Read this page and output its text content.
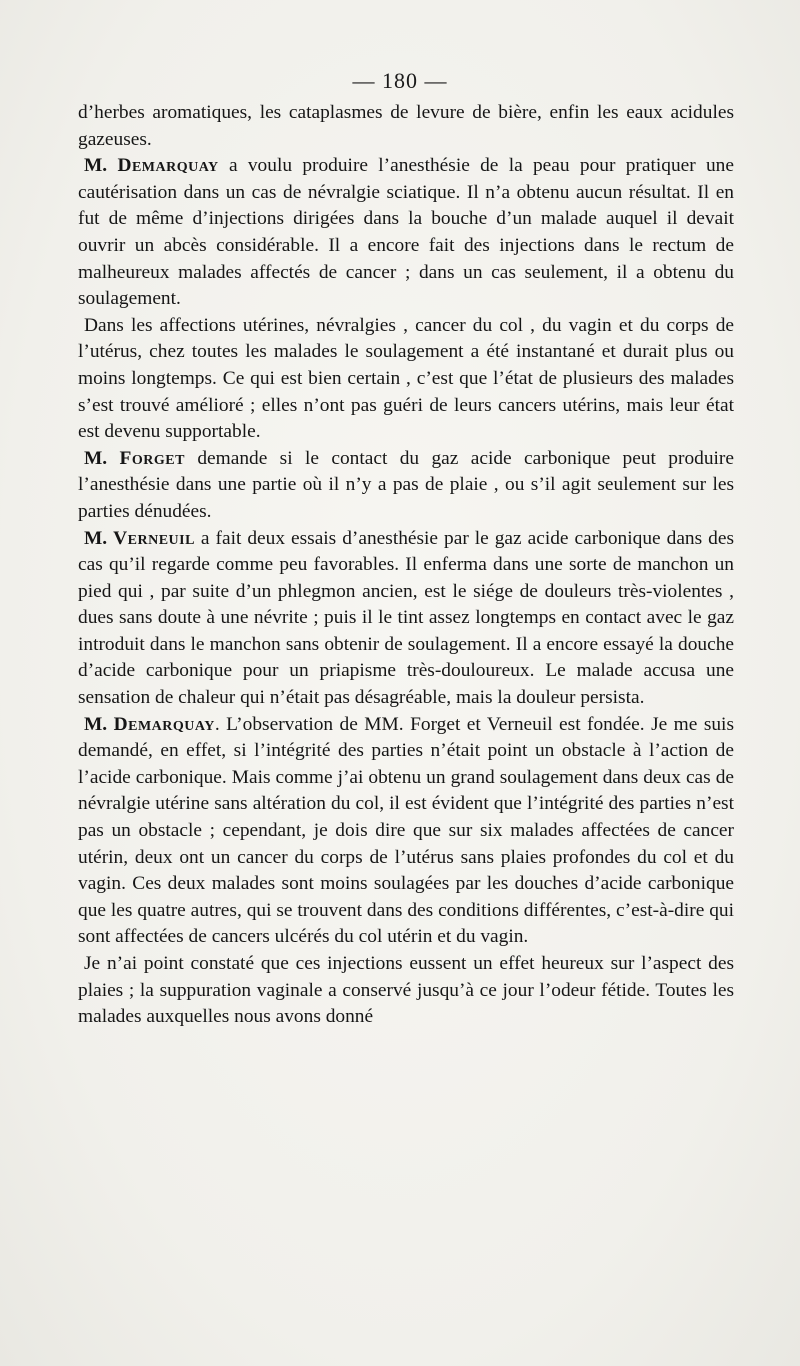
— 180 —

d’herbes aromatiques, les cataplasmes de levure de bière, enfin les eaux acidules gazeuses.

M. Demarquay a voulu produire l’anesthésie de la peau pour pratiquer une cautérisation dans un cas de névralgie sciatique. Il n’a obtenu aucun résultat. Il en fut de même d’injections dirigées dans la bouche d’un malade auquel il devait ouvrir un abcès considérable. Il a encore fait des injections dans le rectum de malheureux malades affectés de cancer ; dans un cas seulement, il a obtenu du soulagement.

Dans les affections utérines, névralgies , cancer du col , du vagin et du corps de l’utérus, chez toutes les malades le soulagement a été instantané et durait plus ou moins longtemps. Ce qui est bien certain , c’est que l’état de plusieurs des malades s’est trouvé amélioré ; elles n’ont pas guéri de leurs cancers utérins, mais leur état est devenu supportable.

M. Forget demande si le contact du gaz acide carbonique peut produire l’anesthésie dans une partie où il n’y a pas de plaie , ou s’il agit seulement sur les parties dénudées.

M. Verneuil a fait deux essais d’anesthésie par le gaz acide carbonique dans des cas qu’il regarde comme peu favorables. Il enferma dans une sorte de manchon un pied qui , par suite d’un phlegmon ancien, est le siége de douleurs très-violentes , dues sans doute à une névrite ; puis il le tint assez longtemps en contact avec le gaz introduit dans le manchon sans obtenir de soulagement. Il a encore essayé la douche d’acide carbonique pour un priapisme très-douloureux. Le malade accusa une sensation de chaleur qui n’était pas désagréable, mais la douleur persista.

M. Demarquay. L’observation de MM. Forget et Verneuil est fondée. Je me suis demandé, en effet, si l’intégrité des parties n’était point un obstacle à l’action de l’acide carbonique. Mais comme j’ai obtenu un grand soulagement dans deux cas de névralgie utérine sans altération du col, il est évident que l’intégrité des parties n’est pas un obstacle ; cependant, je dois dire que sur six malades affectées de cancer utérin, deux ont un cancer du corps de l’utérus sans plaies profondes du col et du vagin. Ces deux malades sont moins soulagées par les douches d’acide carbonique que les quatre autres, qui se trouvent dans des conditions différentes, c’est-à-dire qui sont affectées de cancers ulcérés du col utérin et du vagin.

Je n’ai point constaté que ces injections eussent un effet heureux sur l’aspect des plaies ; la suppuration vaginale a conservé jusqu’à ce jour l’odeur fétide. Toutes les malades auxquelles nous avons donné
